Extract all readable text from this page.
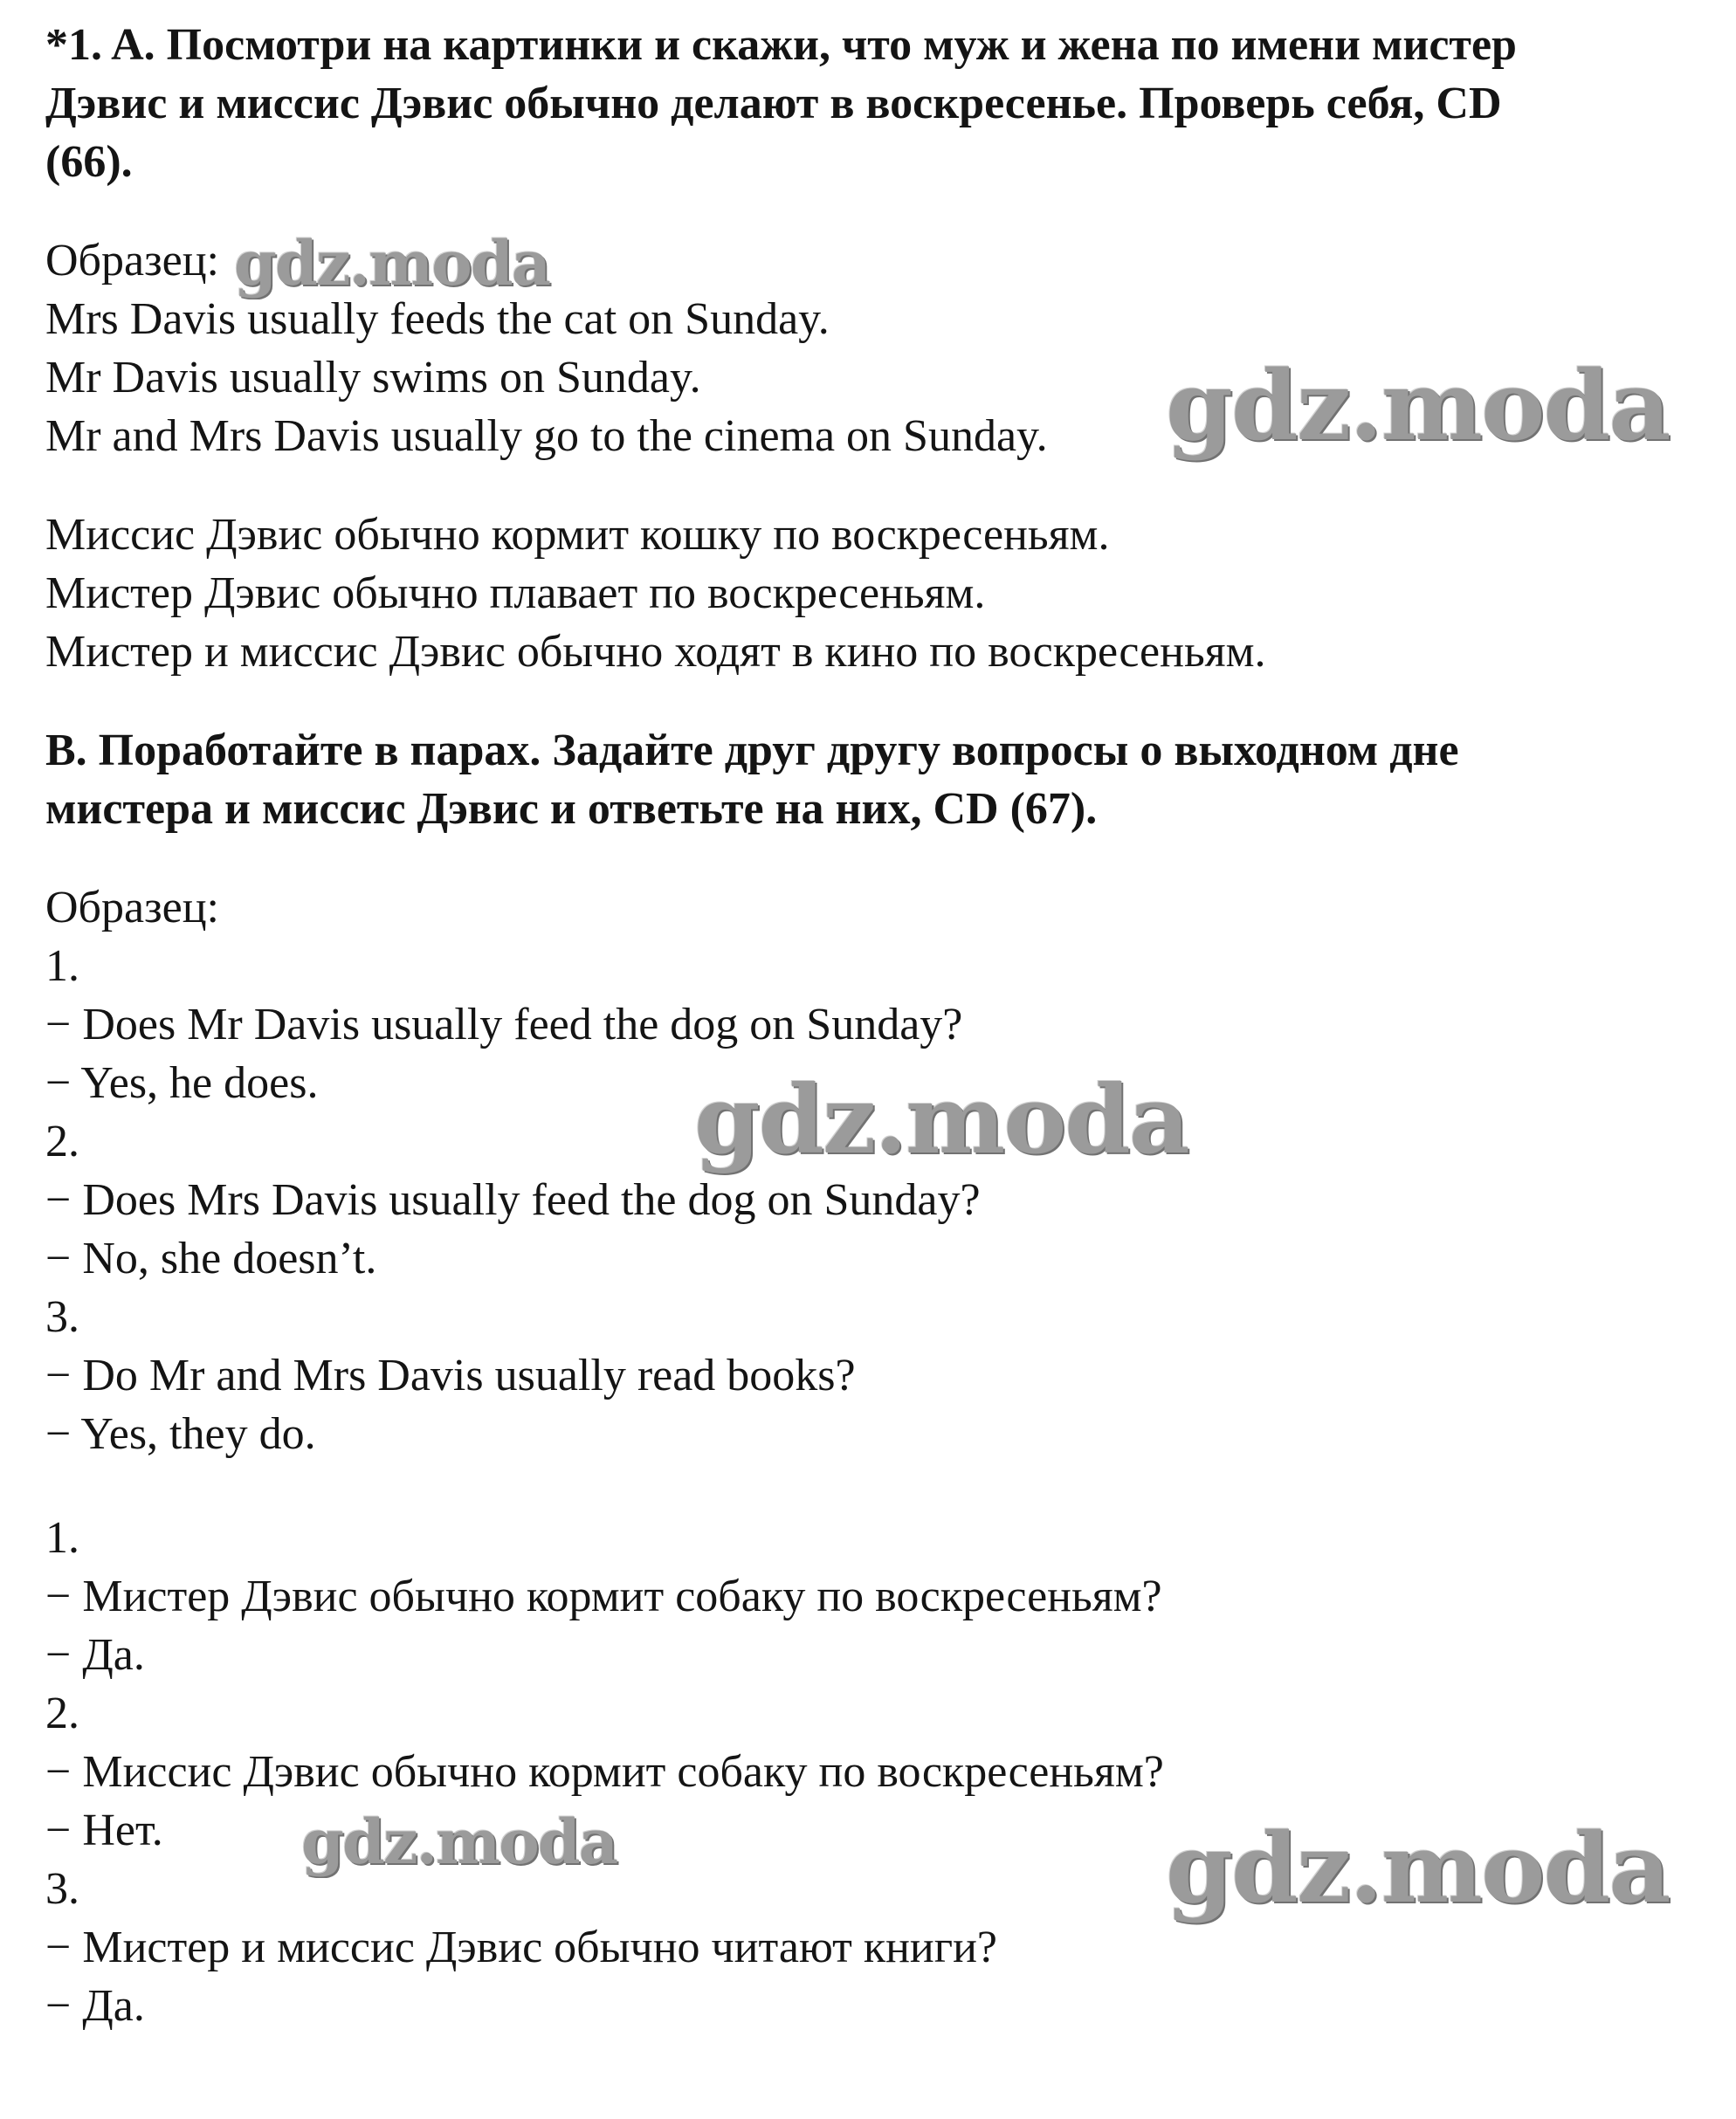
*1. A. Посмотри на картинки и скажи, что муж и жена по имени мистер
Дэвис и миссис Дэвис обычно делают в воскресенье. Проверь себя, CD
(66).

Образец:
Mrs Davis usually feeds the cat on Sunday.
Mr Davis usually swims on Sunday.
Mr and Mrs Davis usually go to the cinema on Sunday.

Миссис Дэвис обычно кормит кошку по воскресеньям.
Мистер Дэвис обычно плавает по воскресеньям.
Мистер и миссис Дэвис обычно ходят в кино по воскресеньям.

B. Поработайте в парах. Задайте друг другу вопросы о выходном дне
мистера и миссис Дэвис и ответьте на них, CD (67).

Образец:
1.
− Does Mr Davis usually feed the dog on Sunday?
− Yes, he does.
2.
− Does Mrs Davis usually feed the dog on Sunday?
− No, she doesn’t.
3.
− Do Mr and Mrs Davis usually read books?
− Yes, they do.

1.
− Мистер Дэвис обычно кормит собаку по воскресеньям?
− Да.
2.
− Миссис Дэвис обычно кормит собаку по воскресеньям?
− Нет.
3.
− Мистер и миссис Дэвис обычно читают книги?
− Да.

gdz.moda
gdz.moda
gdz.moda
gdz.moda	gdz.moda
